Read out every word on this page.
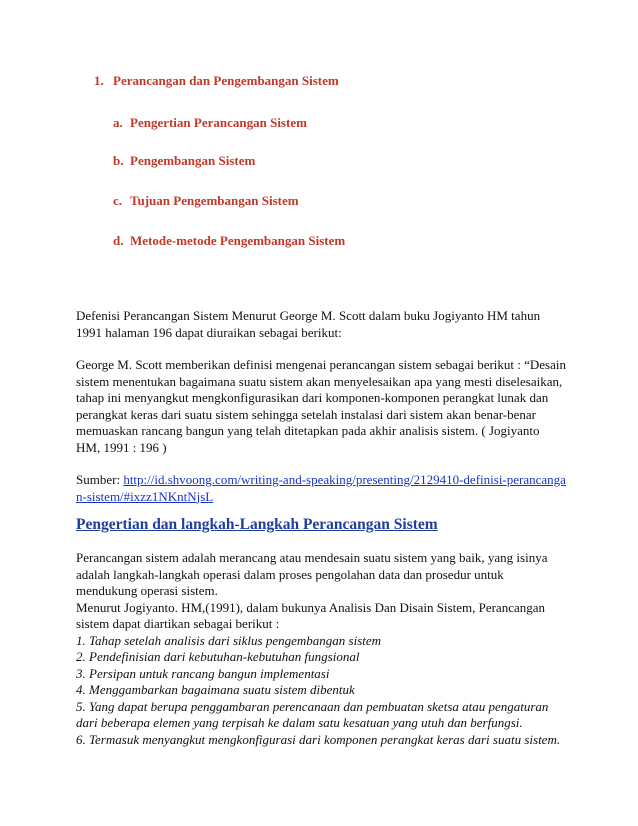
1. Perancangan dan Pengembangan Sistem
a. Pengertian Perancangan Sistem
b. Pengembangan Sistem
c. Tujuan Pengembangan Sistem
d. Metode-metode Pengembangan Sistem

Defenisi Perancangan Sistem Menurut George M. Scott dalam buku Jogiyanto HM tahun 1991 halaman 196 dapat diuraikan sebagai berikut:

George M. Scott memberikan definisi mengenai perancangan sistem sebagai berikut : “Desain sistem menentukan bagaimana suatu sistem akan menyelesaikan apa yang mesti diselesaikan, tahap ini menyangkut mengkonfigurasikan dari komponen-komponen perangkat lunak dan perangkat keras dari suatu sistem sehingga setelah instalasi dari sistem akan benar-benar memuaskan rancang bangun yang telah ditetapkan pada akhir analisis sistem. ( Jogiyanto HM, 1991 : 196 )

Sumber: http://id.shvoong.com/writing-and-speaking/presenting/2129410-definisi-perancangan-sistem/#ixzz1NKntNjsL

Pengertian dan langkah-Langkah Perancangan Sistem

Perancangan sistem adalah merancang atau mendesain suatu sistem yang baik, yang isinya adalah langkah-langkah operasi dalam proses pengolahan data dan prosedur untuk mendukung operasi sistem.

Menurut Jogiyanto. HM,(1991), dalam bukunya Analisis Dan Disain Sistem, Perancangan sistem dapat diartikan sebagai berikut :

1. Tahap setelah analisis dari siklus pengembangan sistem
2. Pendefinisian dari kebutuhan-kebutuhan fungsional
3. Persipan untuk rancang bangun implementasi
4. Menggambarkan bagaimana suatu sistem dibentuk
5. Yang dapat berupa penggambaran perencanaan dan pembuatan sketsa atau pengaturan dari beberapa elemen yang terpisah ke dalam satu kesatuan yang utuh dan berfungsi.
6. Termasuk menyangkut mengkonfigurasi dari komponen perangkat keras dari suatu sistem.
